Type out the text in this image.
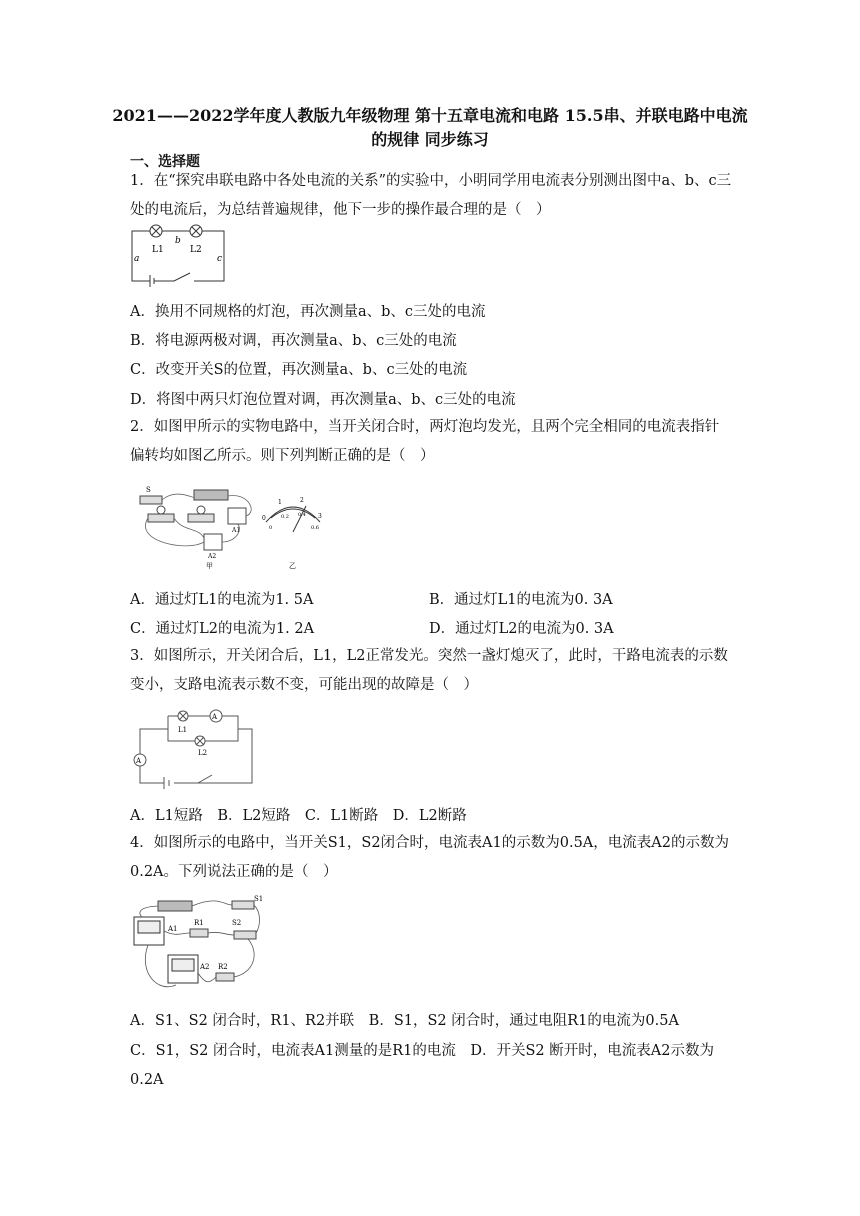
2021——2022学年度人教版九年级物理 第十五章电流和电路 15.5串、并联电路中电流的规律 同步练习
一、选择题
1．在“探究串联电路中各处电流的关系”的实验中，小明同学用电流表分别测出图中a、b、c三处的电流后，为总结普遍规律，他下一步的操作最合理的是（　）
L1	L2
b
a	c
A．换用不同规格的灯泡，再次测量a、b、c三处的电流
B．将电源两极对调，再次测量a、b、c三处的电流
C．改变开关S的位置，再次测量a、b、c三处的电流
D．将图中两只灯泡位置对调，再次测量a、b、c三处的电流
2．如图甲所示的实物电路中，当开关闭合时，两灯泡均发光，且两个完全相同的电流表指针偏转均如图乙所示。则下列判断正确的是（　）
S
A1
A2
甲
0
1	2
3
0
0.2 0.4
0.6
乙
A．通过灯L1的电流为1. 5A	B．通过灯L1的电流为0. 3A
C．通过灯L2的电流为1. 2A	D．通过灯L2的电流为0. 3A
3．如图所示，开关闭合后，L1，L2正常发光。突然一盏灯熄灭了，此时，干路电流表的示数变小，支路电流表示数不变，可能出现的故障是（　）
A
A
L1
L2
A．L1短路　B．L2短路　C．L1断路　D．L2断路
4．如图所示的电路中，当开关S1，S2闭合时，电流表A1的示数为0.5A，电流表A2的示数为0.2A。下列说法正确的是（　）
S1
A1
R1	S2
A2 R2
A．S1、S2 闭合时，R1、R2并联　B．S1，S2 闭合时，通过电阻R1的电流为0.5A
C．S1，S2 闭合时，电流表A1测量的是R1的电流　D．开关S2 断开时，电流表A2示数为0.2A
